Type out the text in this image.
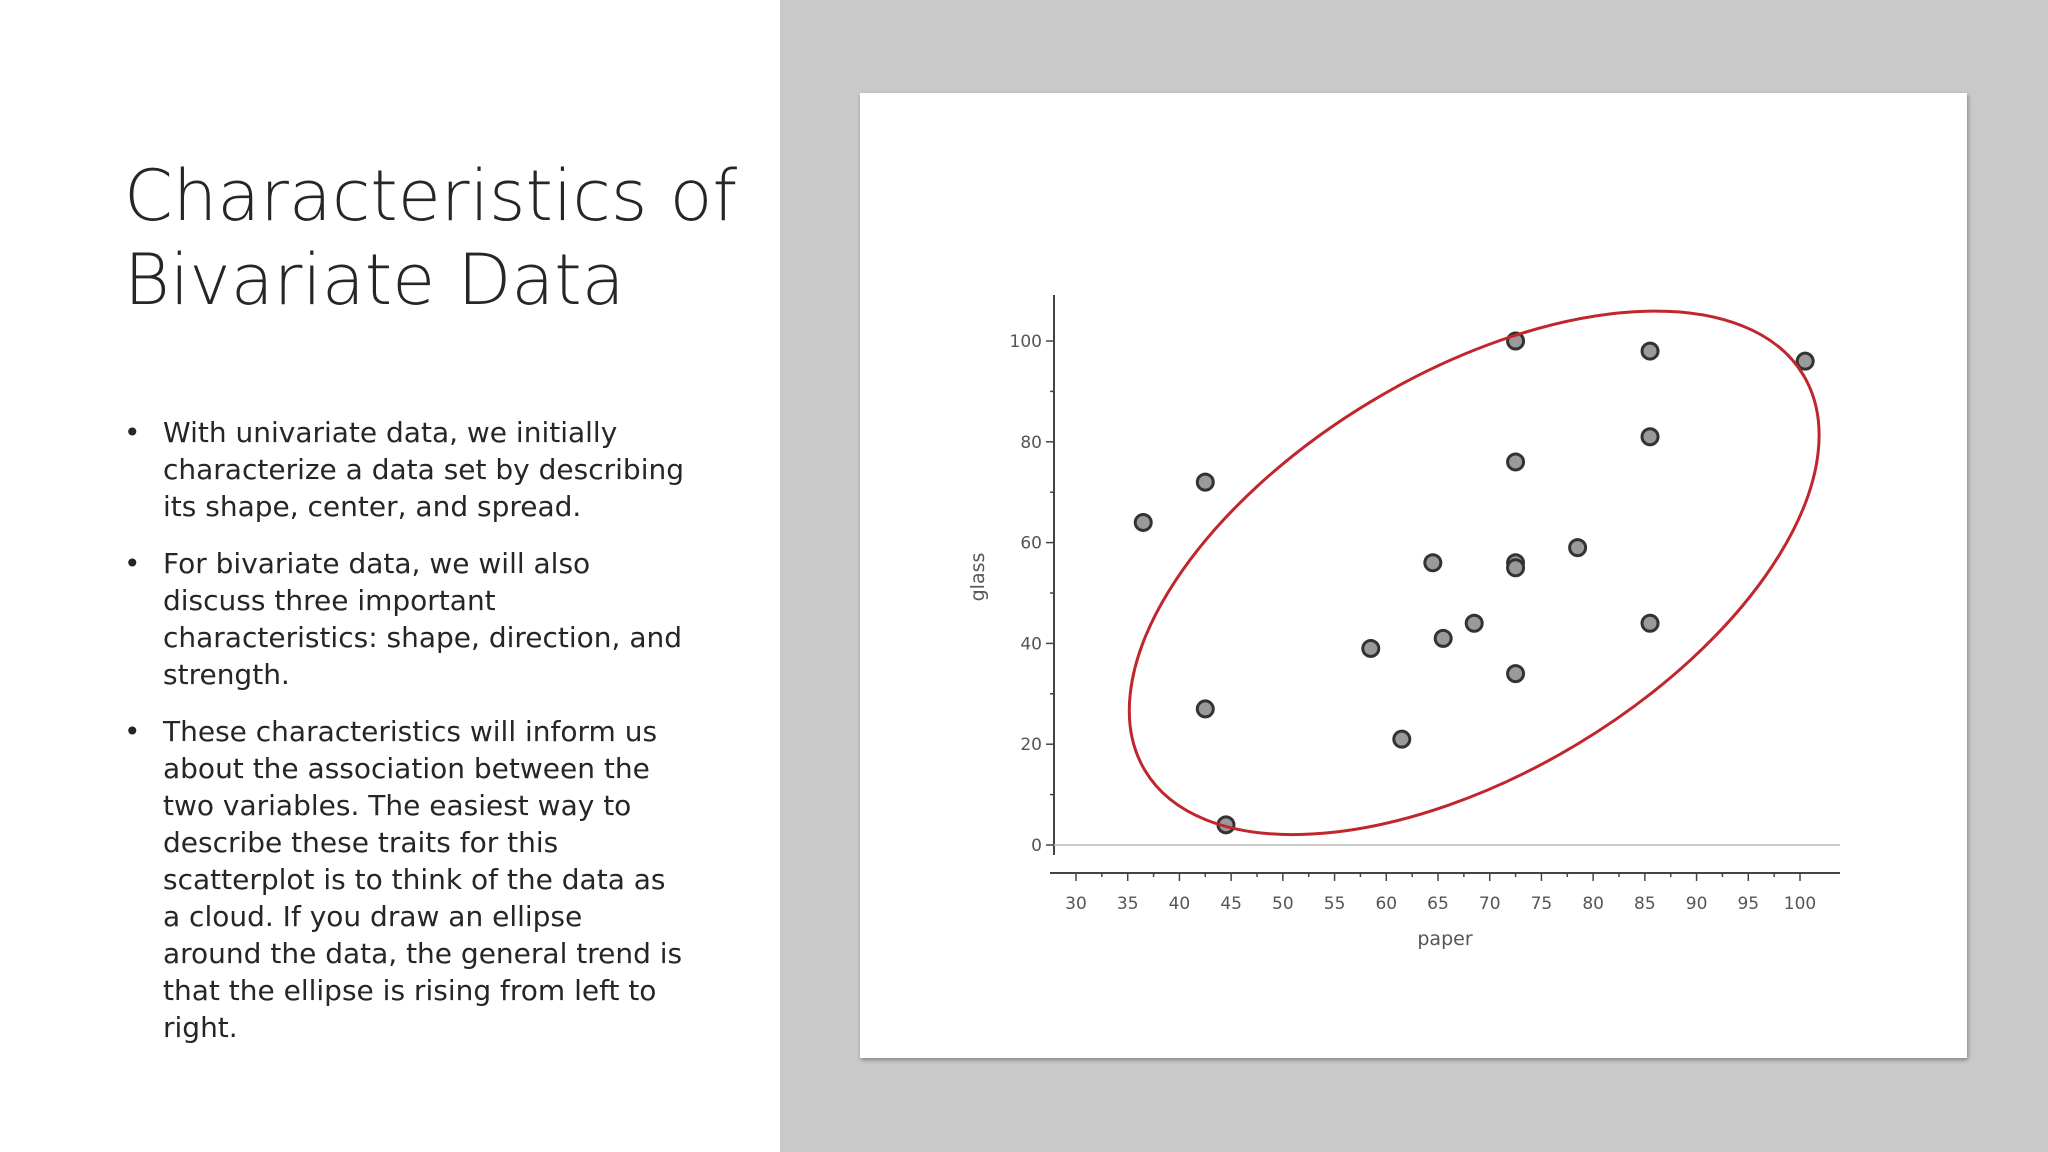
Characteristics of Bivariate Data
• With univariate data, we initially characterize a data set by describing its shape, center, and spread.
• For bivariate data, we will also discuss three important characteristics: shape, direction, and strength.
• These characteristics will inform us about the association between the two variables. The easiest way to describe these traits for this scatterplot is to think of the data as a cloud. If you draw an ellipse around the data, the general trend is that the ellipse is rising from left to right.
0
20
40
60
80
100
30 35 40 45 50 55 60 65 70 75 80 85 90 95 100
paper
glass
